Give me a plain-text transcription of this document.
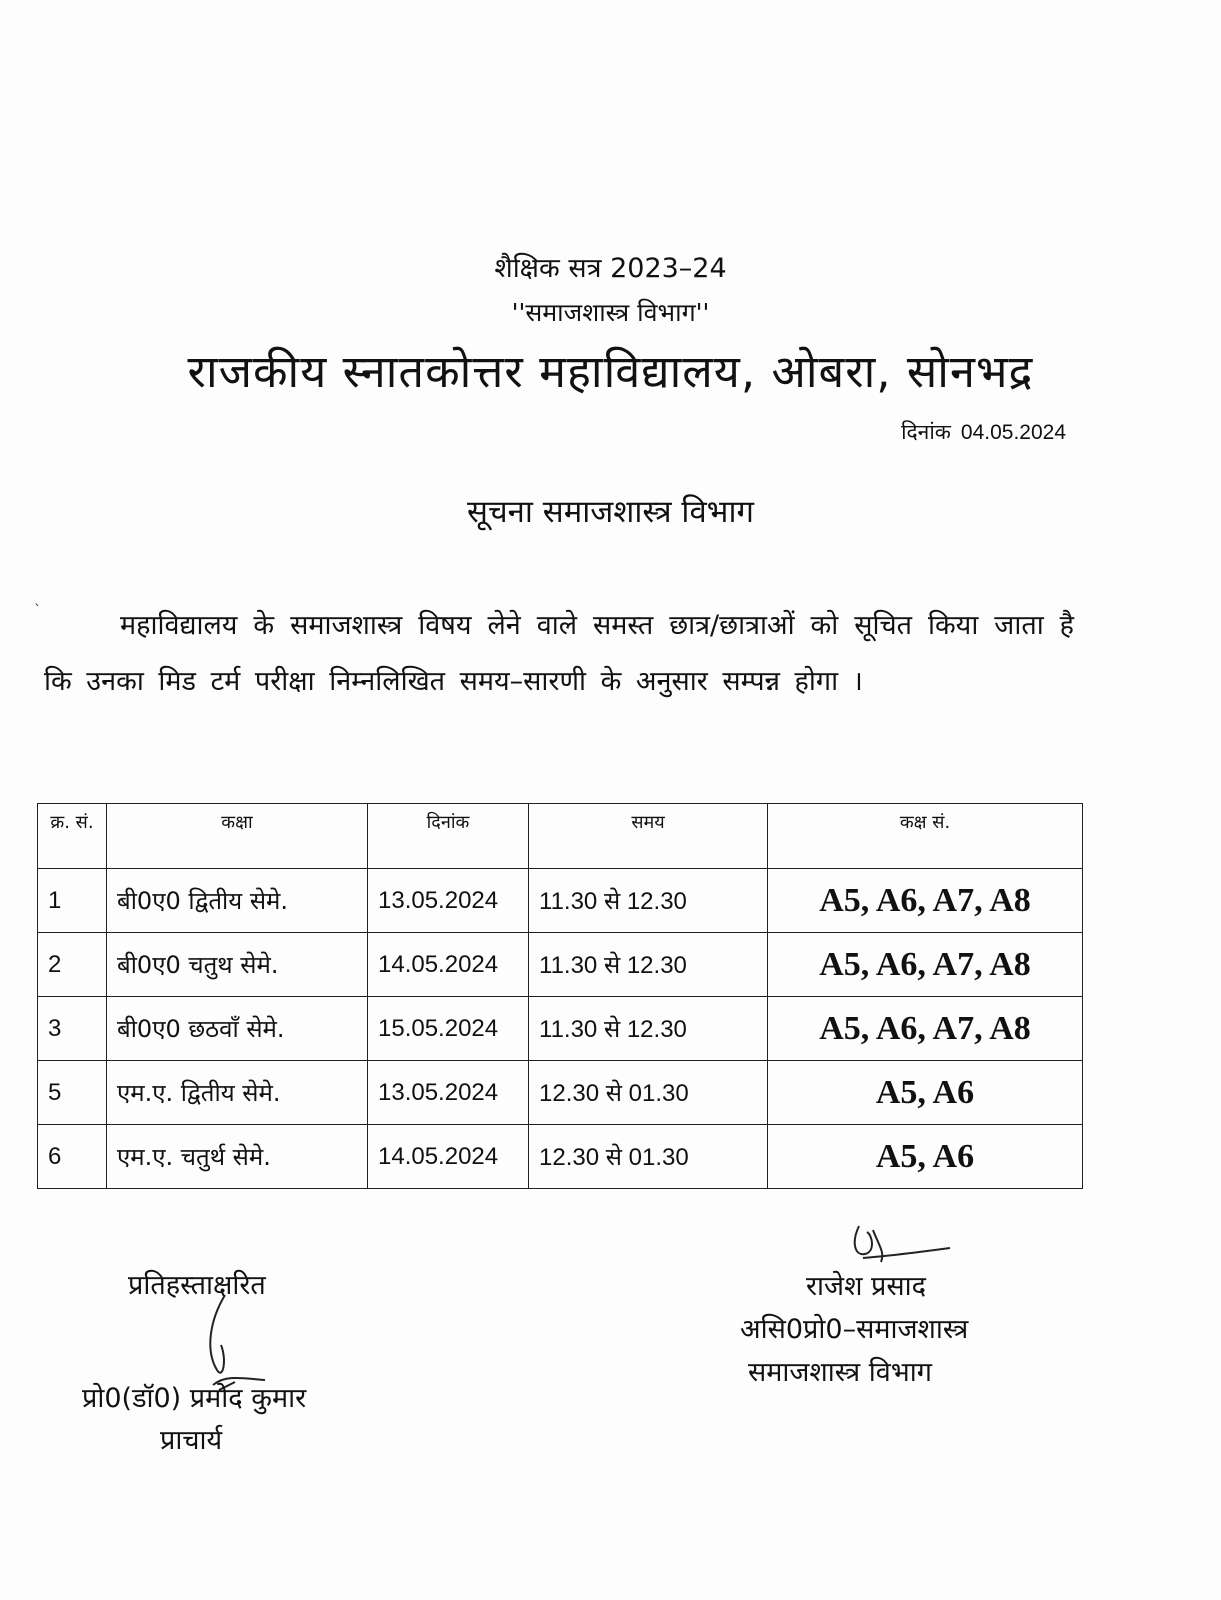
शैक्षिक सत्र 2023–24
''समाजशास्त्र विभाग''
राजकीय स्नातकोत्तर महाविद्यालय, ओबरा, सोनभद्र
दिनांक 04.05.2024
सूचना समाजशास्त्र विभाग
ˋ	महाविद्यालय के समाजशास्त्र विषय लेने वाले समस्त छात्र/छात्राओं को सूचित किया जाता है कि उनका मिड टर्म परीक्षा निम्नलिखित समय–सारणी के अनुसार सम्पन्न होगा ।
क्र. सं.	कक्षा	दिनांक	समय	कक्ष सं.
1	बी0ए0 द्वितीय सेमे.	13.05.2024	11.30 से 12.30	A5, A6, A7, A8
2	बी0ए0 चतुथ सेमे.	14.05.2024	11.30 से 12.30	A5, A6, A7, A8
3	बी0ए0 छठवाँ सेमे.	15.05.2024	11.30 से 12.30	A5, A6, A7, A8
5	एम.ए. द्वितीय सेमे.	13.05.2024	12.30 से 01.30	A5, A6
6	एम.ए. चतुर्थ सेमे.	14.05.2024	12.30 से 01.30	A5, A6
प्रतिहस्ताक्षरित
प्रो0(डॉ0) प्रमोद कुमार
प्राचार्य
राजेश प्रसाद
असि0प्रो0–समाजशास्त्र
समाजशास्त्र विभाग
